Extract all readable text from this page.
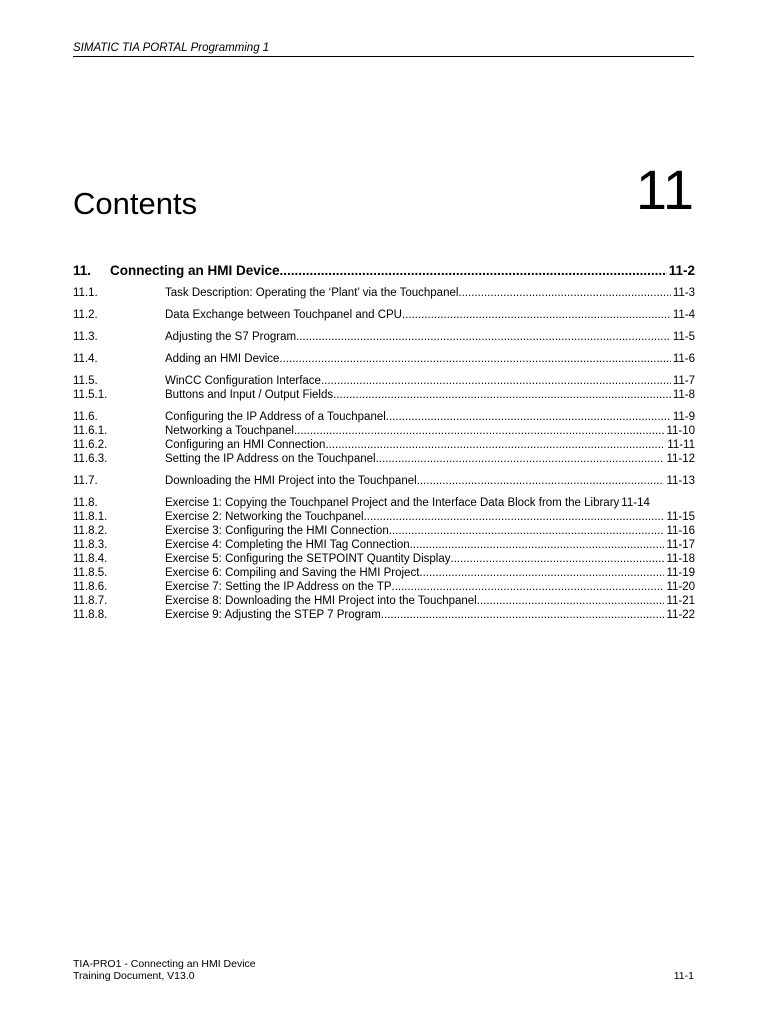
SIMATIC TIA PORTAL Programming 1
11
Contents
11.	Connecting an HMI Device .....	11-2
11.1.	Task Description: Operating the ‘Plant’ via the Touchpanel .....	11-3
11.2.	Data Exchange between Touchpanel and CPU .....	11-4
11.3.	Adjusting the S7 Program .....	11-5
11.4.	Adding an HMI Device .....	11-6
11.5.	WinCC Configuration Interface .....	11-7
11.5.1.	Buttons and Input / Output Fields .....	11-8
11.6.	Configuring the IP Address of a Touchpanel .....	11-9
11.6.1.	Networking a Touchpanel .....	11-10
11.6.2.	Configuring an HMI Connection .....	11-11
11.6.3.	Setting the IP Address on the Touchpanel .....	11-12
11.7.	Downloading the HMI Project into the Touchpanel .....	11-13
11.8.	Exercise 1: Copying the Touchpanel Project and the Interface Data Block from the Library 11-14
11.8.1.	Exercise 2: Networking the Touchpanel .....	11-15
11.8.2.	Exercise 3: Configuring the HMI Connection .....	11-16
11.8.3.	Exercise 4: Completing the HMI Tag Connection .....	11-17
11.8.4.	Exercise 5: Configuring the SETPOINT Quantity Display .....	11-18
11.8.5.	Exercise 6: Compiling and Saving the HMI Project .....	11-19
11.8.6.	Exercise 7: Setting the IP Address on the TP .....	11-20
11.8.7.	Exercise 8: Downloading the HMI Project into the Touchpanel .....	11-21
11.8.8.	Exercise 9: Adjusting the STEP 7 Program .....	11-22
TIA-PRO1 - Connecting an HMI Device
Training Document, V13.0	11-1
